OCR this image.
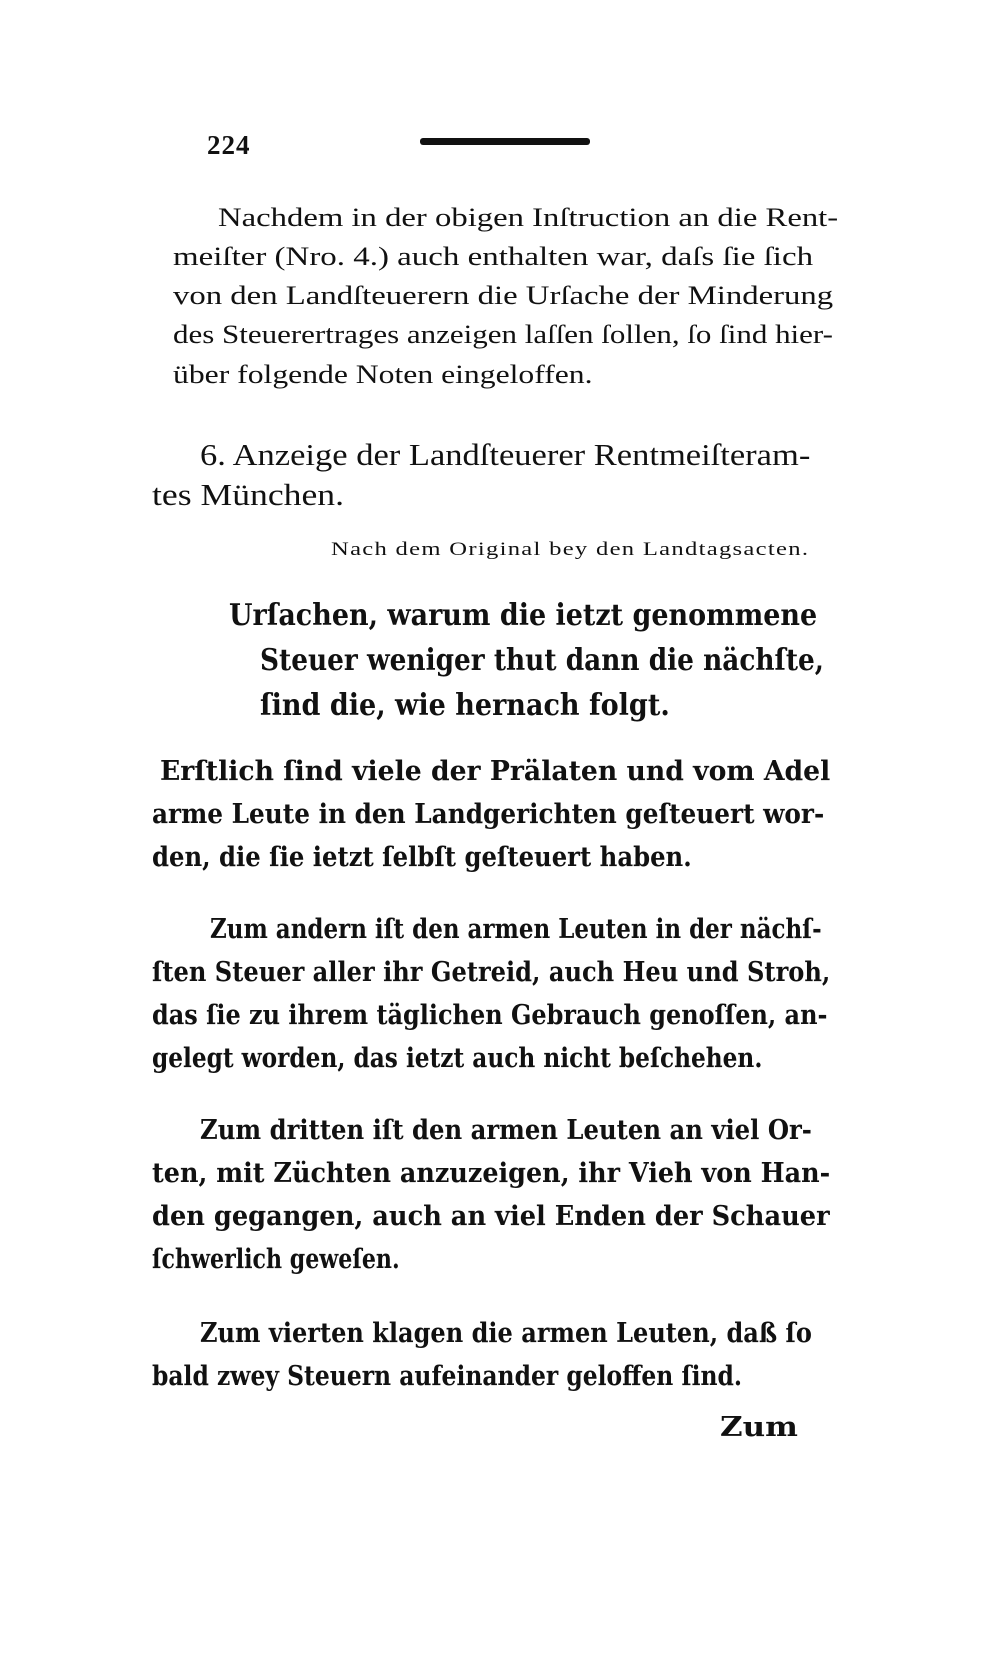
224
Nachdem in der obigen Inſtruction an die Rent-
meiſter (Nro. 4.) auch enthalten war, daſs ſie ſich
von den Landſteuerern die Urſache der Minderung
des Steuerertrages anzeigen laſſen ſollen, ſo ſind hier-
über folgende Noten eingeloffen.
6. Anzeige der Landſteuerer Rentmeiſteram-
tes München.
Nach dem Original bey den Landtagsacten.
Urſachen, warum die ietzt genommene
Steuer weniger thut dann die nächſte,
ſind die, wie hernach folgt.
Erſtlich ſind viele der Prälaten und vom Adel
arme Leute in den Landgerichten geſteuert wor-
den, die ſie ietzt ſelbſt geſteuert haben.
Zum andern iſt den armen Leuten in der nächſ-
ſten Steuer aller ihr Getreid, auch Heu und Stroh,
das ſie zu ihrem täglichen Gebrauch genoſſen, an-
gelegt worden, das ietzt auch nicht beſchehen.
Zum dritten iſt den armen Leuten an viel Or-
ten, mit Züchten anzuzeigen, ihr Vieh von Han-
den gegangen, auch an viel Enden der Schauer
ſchwerlich geweſen.
Zum vierten klagen die armen Leuten, daß ſo
bald zwey Steuern aufeinander geloffen ſind.
Zum
